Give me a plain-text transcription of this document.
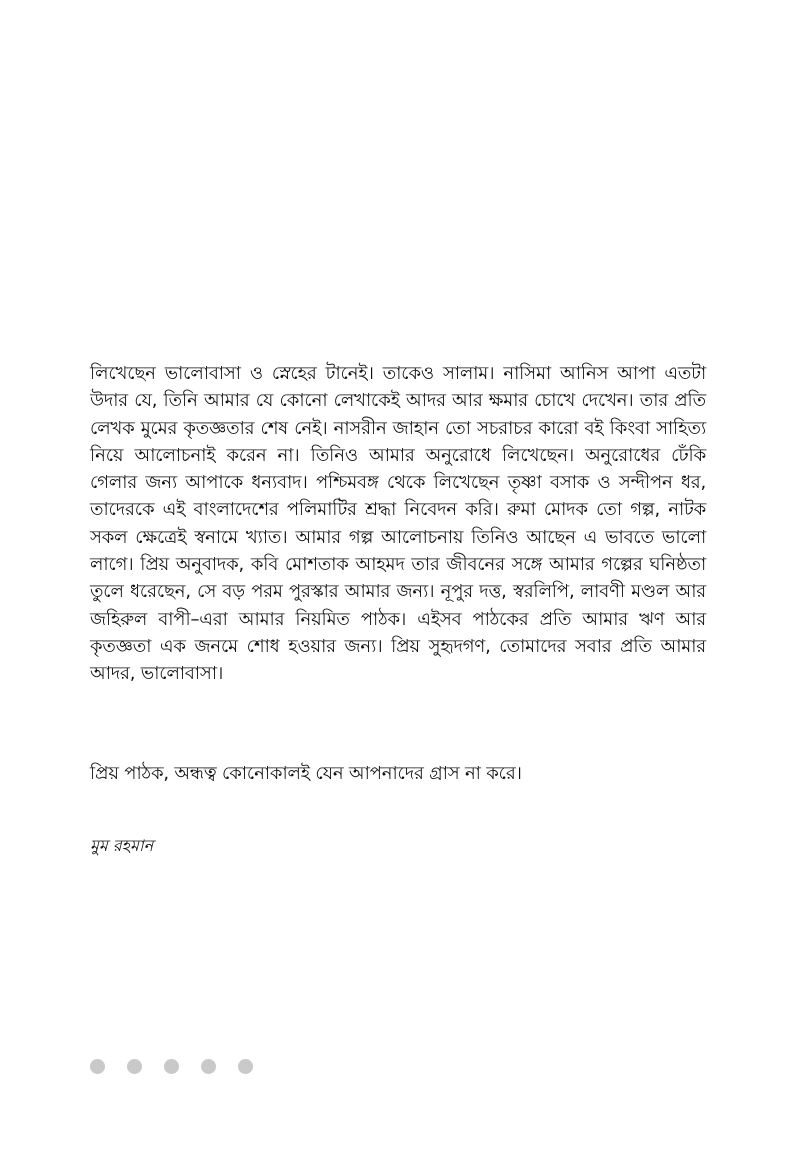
লিখেছেন ভালোবাসা ও স্নেহের টানেই। তাকেও সালাম। নাসিমা আনিস আপা এতটা উদার যে, তিনি আমার যে কোনো লেখাকেই আদর আর ক্ষমার চোখে দেখেন। তার প্রতি লেখক মুমের কৃতজ্ঞতার শেষ নেই। নাসরীন জাহান তো সচরাচর কারো বই কিংবা সাহিত্য নিয়ে আলোচনাই করেন না। তিনিও আমার অনুরোধে লিখেছেন। অনুরোধের ঢেঁকি গেলার জন্য আপাকে ধন্যবাদ। পশ্চিমবঙ্গ থেকে লিখেছেন তৃষ্ণা বসাক ও সন্দীপন ধর, তাদেরকে এই বাংলাদেশের পলিমাটির শ্রদ্ধা নিবেদন করি। রুমা মোদক তো গল্প, নাটক সকল ক্ষেত্রেই স্বনামে খ্যাত। আমার গল্প আলোচনায় তিনিও আছেন এ ভাবতে ভালো লাগে। প্রিয় অনুবাদক, কবি মোশতাক আহমদ তার জীবনের সঙ্গে আমার গল্পের ঘনিষ্ঠতা তুলে ধরেছেন, সে বড় পরম পুরস্কার আমার জন্য। নূপুর দত্ত, স্বরলিপি, লাবণী মণ্ডল আর জহিরুল বাপী–এরা আমার নিয়মিত পাঠক। এইসব পাঠকের প্রতি আমার ঋণ আর কৃতজ্ঞতা এক জনমে শোধ হওয়ার জন্য। প্রিয় সুহৃদগণ, তোমাদের সবার প্রতি আমার আদর, ভালোবাসা।

প্রিয় পাঠক, অন্ধত্ব কোনোকালই যেন আপনাদের গ্রাস না করে।

মুম রহমান
